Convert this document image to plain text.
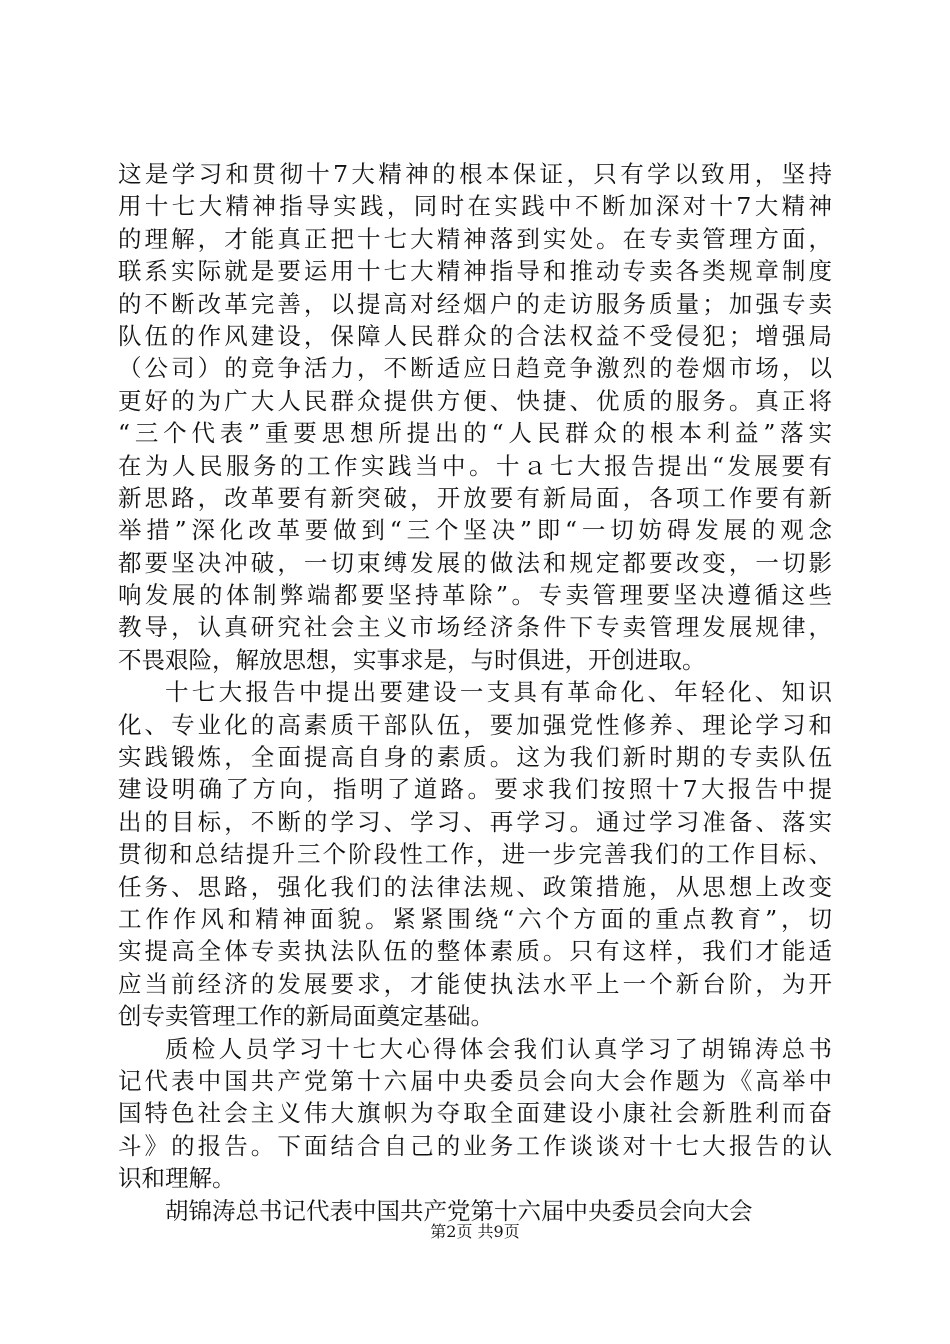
这是学习和贯彻十7大精神的根本保证，只有学以致用，坚持
用十七大精神指导实践，同时在实践中不断加深对十7大精神
的理解，才能真正把十七大精神落到实处。在专卖管理方面，
联系实际就是要运用十七大精神指导和推动专卖各类规章制度
的不断改革完善，以提高对经烟户的走访服务质量；加强专卖
队伍的作风建设，保障人民群众的合法权益不受侵犯；增强局
（公司）的竞争活力，不断适应日趋竞争激烈的卷烟市场，以
更好的为广大人民群众提供方便、快捷、优质的服务。真正将
“三个代表”重要思想所提出的“人民群众的根本利益”落实
在为人民服务的工作实践当中。十ａ七大报告提出“发展要有
新思路，改革要有新突破，开放要有新局面，各项工作要有新
举措”深化改革要做到“三个坚决”即“一切妨碍发展的观念
都要坚决冲破，一切束缚发展的做法和规定都要改变，一切影
响发展的体制弊端都要坚持革除”。专卖管理要坚决遵循这些
教导，认真研究社会主义市场经济条件下专卖管理发展规律，
不畏艰险，解放思想，实事求是，与时俱进，开创进取。
十七大报告中提出要建设一支具有革命化、年轻化、知识
化、专业化的高素质干部队伍，要加强党性修养、理论学习和
实践锻炼，全面提高自身的素质。这为我们新时期的专卖队伍
建设明确了方向，指明了道路。要求我们按照十7大报告中提
出的目标，不断的学习、学习、再学习。通过学习准备、落实
贯彻和总结提升三个阶段性工作，进一步完善我们的工作目标、
任务、思路，强化我们的法律法规、政策措施，从思想上改变
工作作风和精神面貌。紧紧围绕“六个方面的重点教育”，切
实提高全体专卖执法队伍的整体素质。只有这样，我们才能适
应当前经济的发展要求，才能使执法水平上一个新台阶，为开
创专卖管理工作的新局面奠定基础。
质检人员学习十七大心得体会我们认真学习了胡锦涛总书
记代表中国共产党第十六届中央委员会向大会作题为《高举中
国特色社会主义伟大旗帜为夺取全面建设小康社会新胜利而奋
斗》的报告。下面结合自己的业务工作谈谈对十七大报告的认
识和理解。
胡锦涛总书记代表中国共产党第十六届中央委员会向大会
第2页 共9页
